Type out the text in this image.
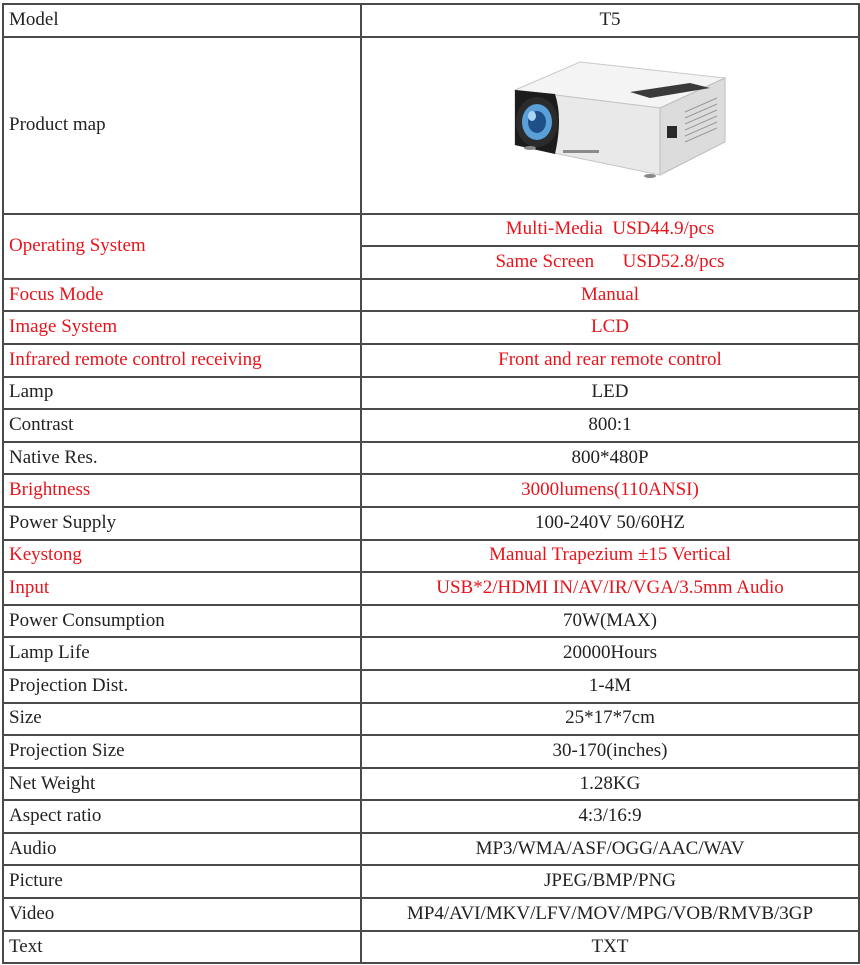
Model	T5
Product map	

Operating System	Multi-Media  USD44.9/pcs
	Same Screen      USD52.8/pcs
Focus Mode	Manual
Image System	LCD
Infrared remote control receiving	Front and rear remote control
Lamp	LED
Contrast	800:1
Native Res.	800*480P
Brightness	3000lumens(110ANSI)
Power Supply	100-240V 50/60HZ
Keystong	Manual Trapezium ±15 Vertical
Input	USB*2/HDMI IN/AV/IR/VGA/3.5mm Audio
Power Consumption	70W(MAX)
Lamp Life	20000Hours
Projection Dist.	1-4M
Size	25*17*7cm
Projection Size	30-170(inches)
Net Weight	1.28KG
Aspect ratio	4:3/16:9
Audio	MP3/WMA/ASF/OGG/AAC/WAV
Picture	JPEG/BMP/PNG
Video	MP4/AVI/MKV/LFV/MOV/MPG/VOB/RMVB/3GP
Text	TXT
